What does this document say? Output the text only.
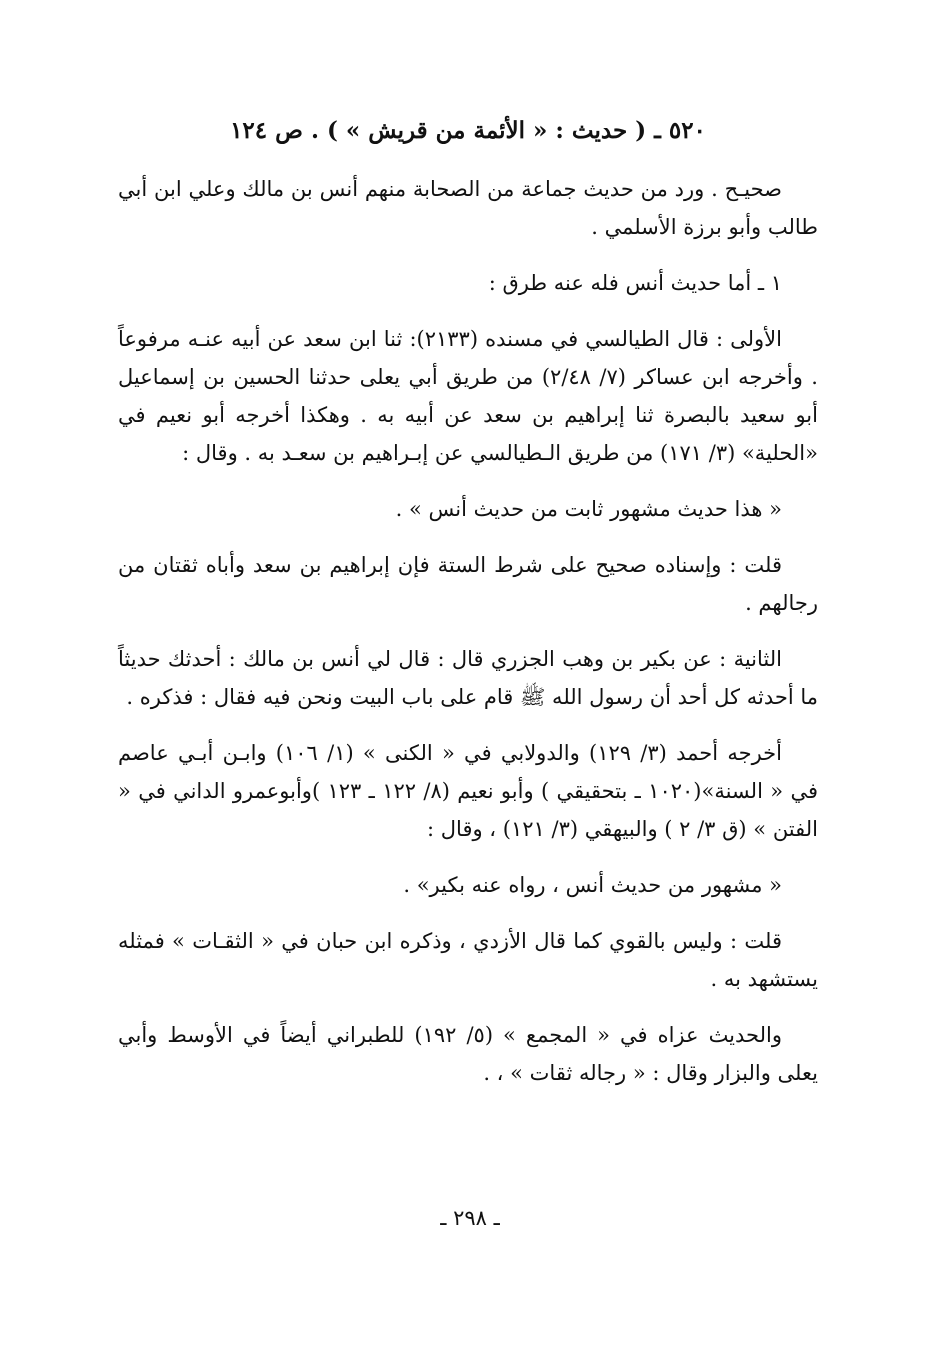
٥٢٠ ـ ( حديث : « الأئمة من قريش » ) . ص ١٢٤

صحيـح . ورد من حديث جماعة من الصحابة منهم أنس بن مالك وعلي ابن أبي طالب وأبو برزة الأسلمي .

١ ـ أما حديث أنس فله عنه طرق :

الأولى : قال الطيالسي في مسنده (٢١٣٣): ثنا ابن سعد عن أبيه عنـه مرفوعاً . وأخرجه ابن عساكر (٧/ ٢/٤٨) من طريق أبي يعلى حدثنا الحسين بن إسماعيل أبو سعيد بالبصرة ثنا إبراهيم بن سعد عن أبيه به . وهكذا أخرجه أبو نعيم في «الحلية» (٣/ ١٧١) من طريق الـطيالسي عن إبـراهيم بن سعـد به . وقال :

« هذا حديث مشهور ثابت من حديث أنس » .

قلت : وإسناده صحيح على شرط الستة فإن إبراهيم بن سعد وأباه ثقتان من رجالهم .

الثانية : عن بكير بن وهب الجزري قال : قال لي أنس بن مالك : أحدثك حديثاً ما أحدثه كل أحد أن رسول الله ﷺ قام على باب البيت ونحن فيه فقال : فذكره .

أخرجه أحمد (٣/ ١٢٩) والدولابي في « الكنى » (١/ ١٠٦) وابـن أبـي عاصم في « السنة»(١٠٢٠ ـ بتحقيقي ) وأبو نعيم (٨/ ١٢٢ ـ ١٢٣ )وأبوعمرو الداني في « الفتن » (ق ٣/ ٢ ) والبيهقي (٣/ ١٢١) ، وقال :

« مشهور من حديث أنس ، رواه عنه بكير» .

قلت : وليس بالقوي كما قال الأزدي ، وذكره ابن حبان في « الثقـات » فمثله يستشهد به .

والحديث عزاه في « المجمع » (٥/ ١٩٢) للطبراني أيضاً في الأوسط وأبي يعلى والبزار وقال : « رجاله ثقات » ، .

ـ ٢٩٨ ـ
